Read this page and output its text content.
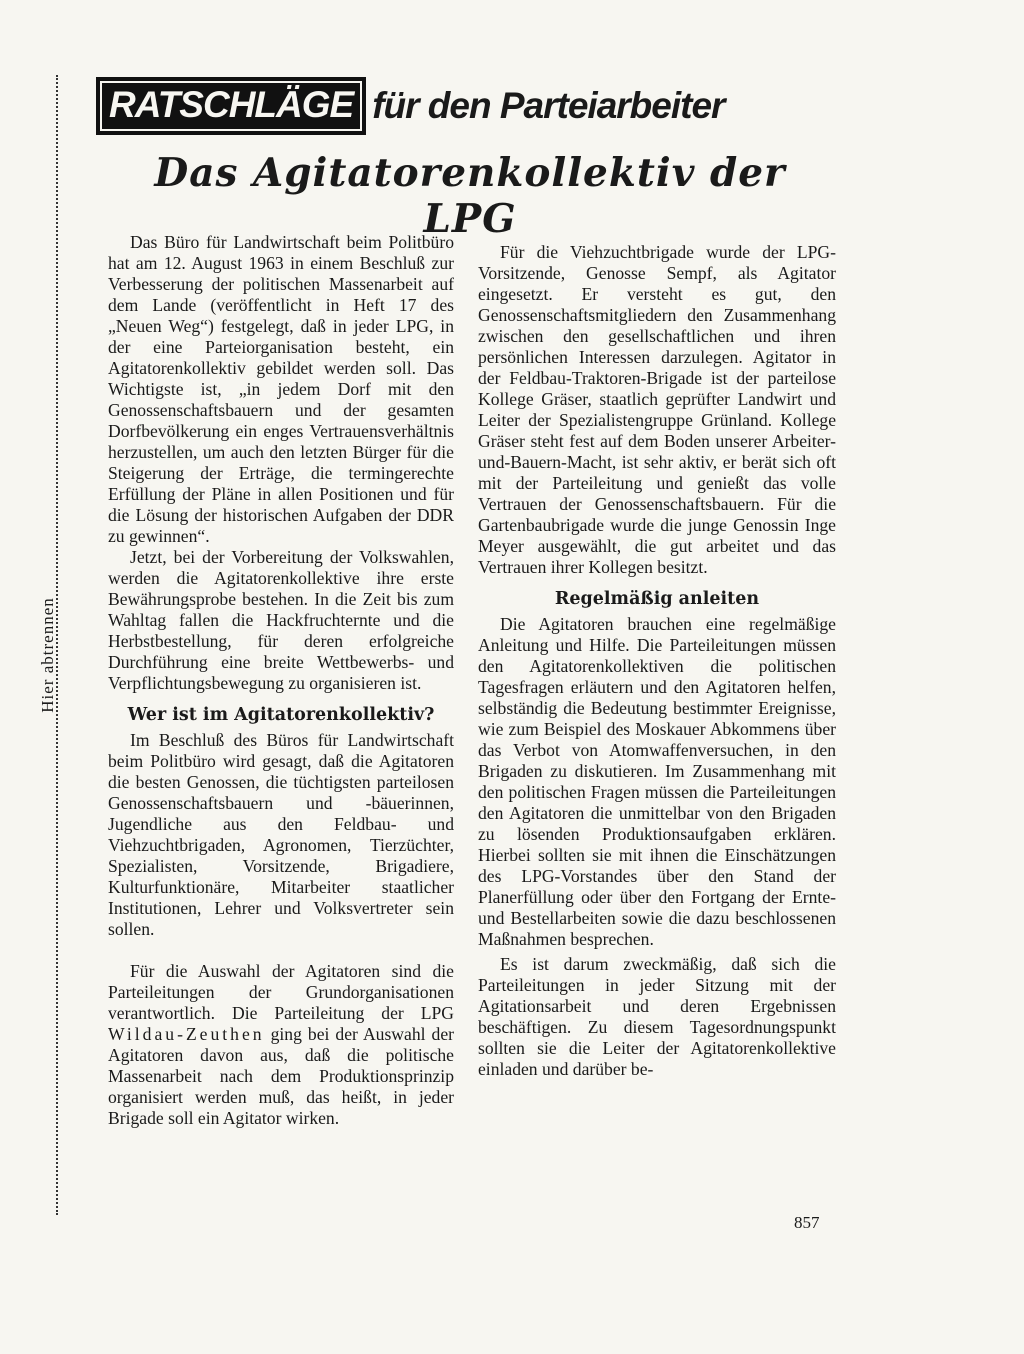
Hier abtrennen
RATSCHLÄGE für den Parteiarbeiter
Das Agitatorenkollektiv der LPG

Das Büro für Landwirtschaft beim Politbüro hat am 12. August 1963 in einem Beschluß zur Verbesserung der politischen Massenarbeit auf dem Lande (veröffentlicht in Heft 17 des „Neuen Weg“) festgelegt, daß in jeder LPG, in der eine Parteiorganisation besteht, ein Agitatorenkollektiv gebildet werden soll. Das Wichtigste ist, „in jedem Dorf mit den Genossenschaftsbauern und der gesamten Dorfbevölkerung ein enges Vertrauensverhältnis herzustellen, um auch den letzten Bürger für die Steigerung der Erträge, die termingerechte Erfüllung der Pläne in allen Positionen und für die Lösung der historischen Aufgaben der DDR zu gewinnen“.

Jetzt, bei der Vorbereitung der Volkswahlen, werden die Agitatorenkollektive ihre erste Bewährungsprobe bestehen. In die Zeit bis zum Wahltag fallen die Hackfruchternte und die Herbstbestellung, für deren erfolgreiche Durchführung eine breite Wettbewerbs- und Verpflichtungsbewegung zu organisieren ist.

Wer ist im Agitatorenkollektiv?

Im Beschluß des Büros für Landwirtschaft beim Politbüro wird gesagt, daß die Agitatoren die besten Genossen, die tüchtigsten parteilosen Genossenschaftsbauern und -bäuerinnen, Jugendliche aus den Feldbau- und Viehzuchtbrigaden, Agronomen, Tierzüchter, Spezialisten, Vorsitzende, Brigadiere, Kulturfunktionäre, Mitarbeiter staatlicher Institutionen, Lehrer und Volksvertreter sein sollen.

Für die Auswahl der Agitatoren sind die Parteileitungen der Grundorganisationen verantwortlich. Die Parteileitung der LPG Wildau-Zeuthen ging bei der Auswahl der Agitatoren davon aus, daß die politische Massenarbeit nach dem Produktionsprinzip organisiert werden muß, das heißt, in jeder Brigade soll ein Agitator wirken.

Für die Viehzuchtbrigade wurde der LPG-Vorsitzende, Genosse Sempf, als Agitator eingesetzt. Er versteht es gut, den Genossenschaftsmitgliedern den Zusammenhang zwischen den gesellschaftlichen und ihren persönlichen Interessen darzulegen. Agitator in der Feldbau-Traktoren-Brigade ist der parteilose Kollege Gräser, staatlich geprüfter Landwirt und Leiter der Spezialistengruppe Grünland. Kollege Gräser steht fest auf dem Boden unserer Arbeiter-und-Bauern-Macht, ist sehr aktiv, er berät sich oft mit der Parteileitung und genießt das volle Vertrauen der Genossenschaftsbauern. Für die Gartenbaubrigade wurde die junge Genossin Inge Meyer ausgewählt, die gut arbeitet und das Vertrauen ihrer Kollegen besitzt.

Regelmäßig anleiten

Die Agitatoren brauchen eine regelmäßige Anleitung und Hilfe. Die Parteileitungen müssen den Agitatorenkollektiven die politischen Tagesfragen erläutern und den Agitatoren helfen, selbständig die Bedeutung bestimmter Ereignisse, wie zum Beispiel des Moskauer Abkommens über das Verbot von Atomwaffenversuchen, in den Brigaden zu diskutieren. Im Zusammenhang mit den politischen Fragen müssen die Parteileitungen den Agitatoren die unmittelbar von den Brigaden zu lösenden Produktionsaufgaben erklären. Hierbei sollten sie mit ihnen die Einschätzungen des LPG-Vorstandes über den Stand der Planerfüllung oder über den Fortgang der Ernte- und Bestellarbeiten sowie die dazu beschlossenen Maßnahmen besprechen.

Es ist darum zweckmäßig, daß sich die Parteileitungen in jeder Sitzung mit der Agitationsarbeit und deren Ergebnissen beschäftigen. Zu diesem Tagesordnungspunkt sollten sie die Leiter der Agitatorenkollektive einladen und darüber be-

857
